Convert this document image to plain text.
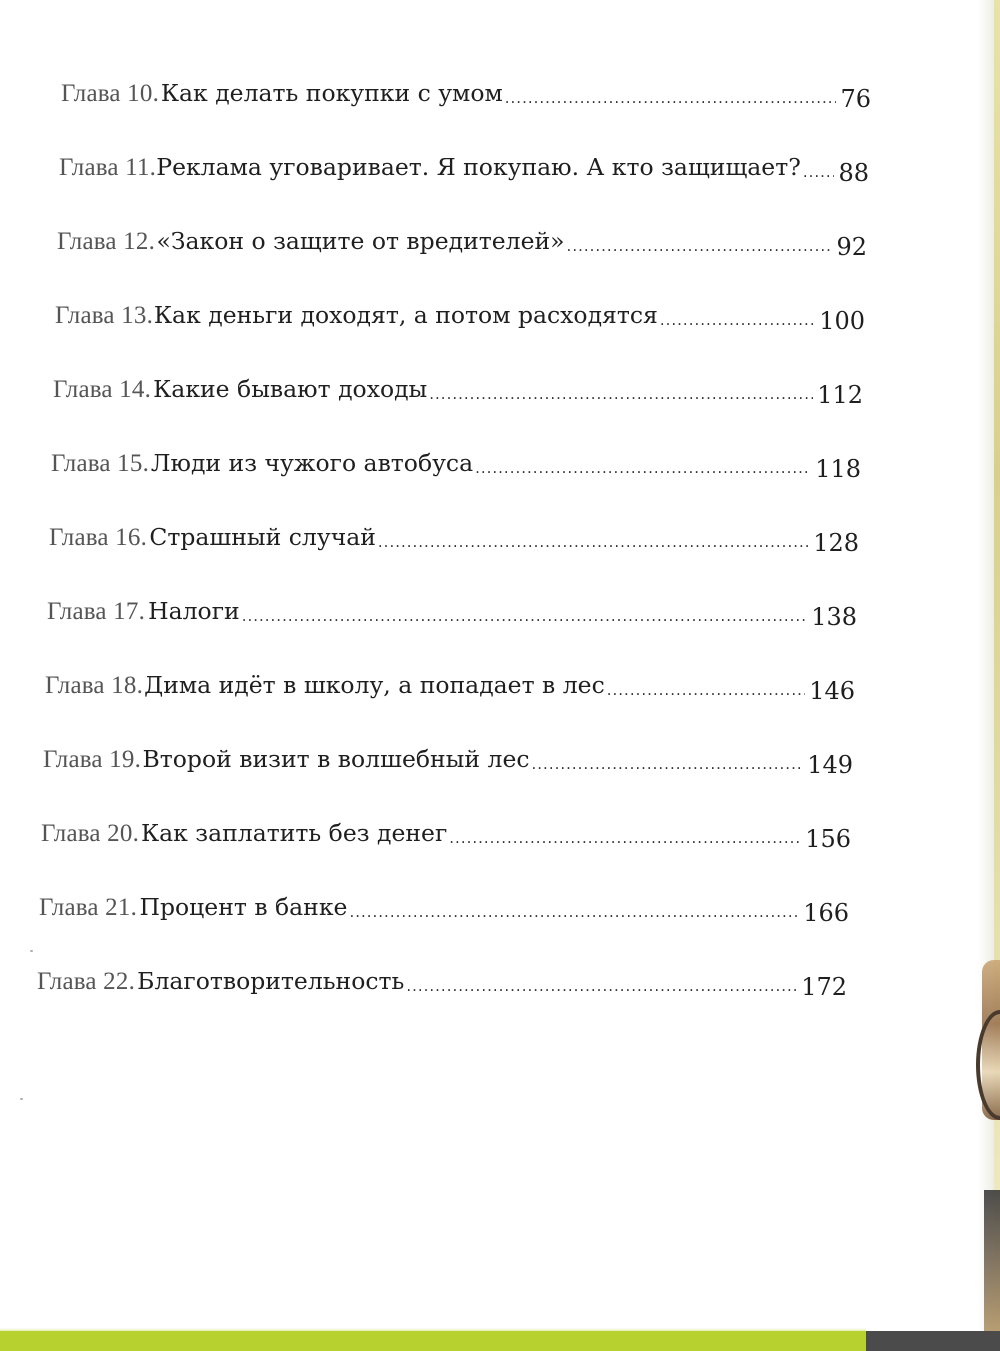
Глава 10. Как делать покупки с умом .....	76
Глава 11. Реклама уговаривает. Я покупаю. А кто защищает? ..... 88
Глава 12. «Закон о защите от вредителей» .....	92
Глава 13. Как деньги доходят, а потом расходятся .....	100
Глава 14. Какие бывают доходы .....	112
Глава 15. Люди из чужого автобуса .....	118
Глава 16. Страшный случай .....	128
Глава 17. Налоги .....	138
Глава 18. Дима идёт в школу, а попадает в лес .....	146
Глава 19. Второй визит в волшебный лес .....	149
Глава 20. Как заплатить без денег .....	156
Глава 21. Процент в банке .....	166
Глава 22. Благотворительность .....	172
